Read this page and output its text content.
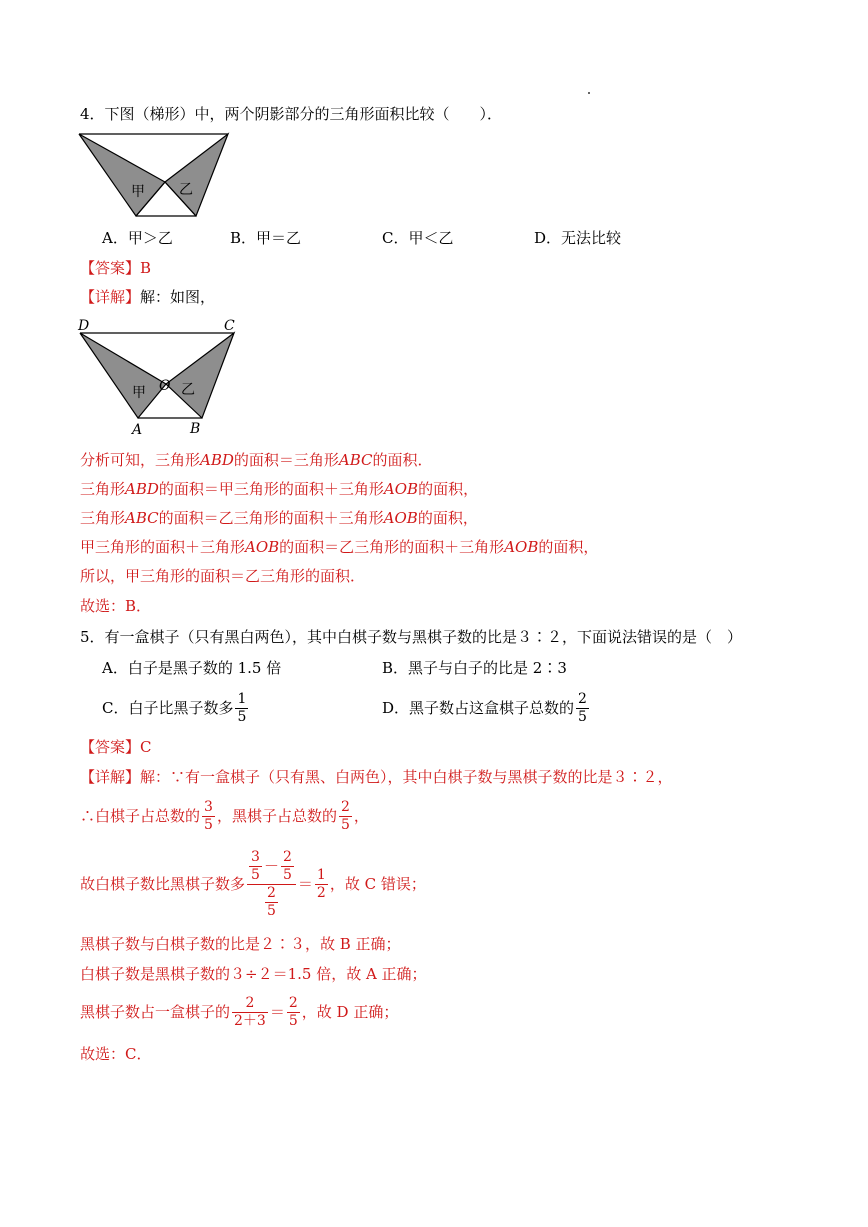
4．下图（梯形）中，两个阴影部分的三角形面积比较（　　）．
甲 乙
A．甲＞乙	B．甲＝乙	C．甲＜乙	D．无法比较
【答案】B
【详解】解：如图，
D	C
O
A	B
甲	乙
分析可知，三角形ABD的面积＝三角形ABC的面积．
三角形ABD的面积＝甲三角形的面积＋三角形AOB的面积，
三角形ABC的面积＝乙三角形的面积＋三角形AOB的面积，
甲三角形的面积＋三角形AOB的面积＝乙三角形的面积＋三角形AOB的面积，
所以，甲三角形的面积＝乙三角形的面积．
故选：B．
5．有一盒棋子（只有黑白两色），其中白棋子数与黑棋子数的比是３∶２，下面说法错误的是（　）
A．白子是黑子数的 1.5 倍	B．黑子与白子的比是 2∶3
C．白子比黑子数多 $\frac{1}{5}$	D．黑子数占这盒棋子总数的 $\frac{2}{5}$
【答案】C
【详解】解：∵有一盒棋子（只有黑、白两色），其中白棋子数与黑棋子数的比是３∶２，
∴白棋子占总数的 $\frac{3}{5}$ ，黑棋子占总数的 $\frac{2}{5}$ ，
故白棋子数比黑棋子数多
$\frac{3}{5} - \frac{2}{5}$
$\frac{2}{5}$
＝ $\frac{1}{2}$ ，故 C 错误；
黑棋子数与白棋子数的比是２∶３，故 B 正确；
白棋子数是黑棋子数的３÷２＝1.5 倍，故 A 正确；
黑棋子数占一盒棋子的 $\frac{2}{2+3} = \frac{2}{5}$ ，故 D 正确；
故选：C．
